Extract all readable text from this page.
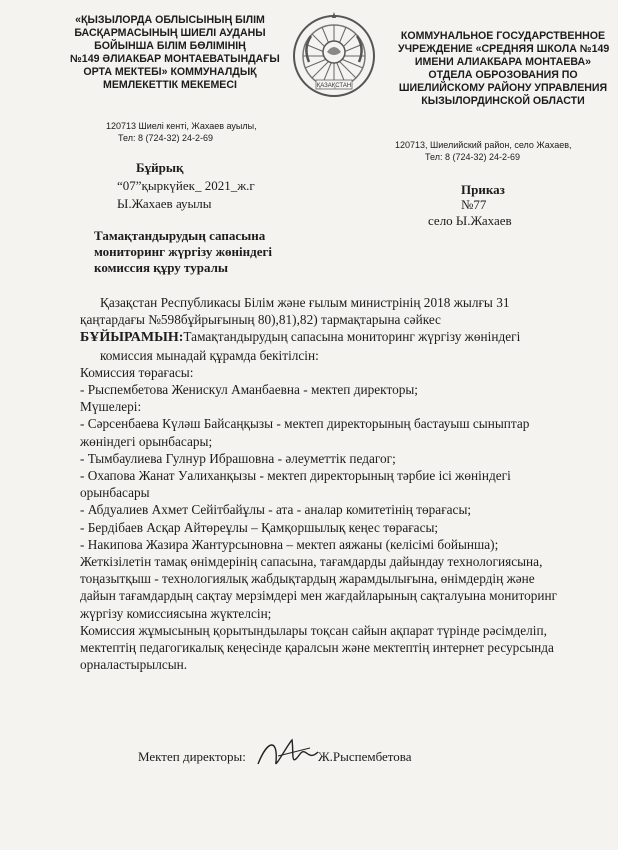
«ҚЫЗЫЛОРДА ОБЛЫСЫНЫҢ БІЛІМ
БАСҚАРМАСЫНЫҢ ШИЕЛІ АУДАНЫ
БОЙЫНША БІЛІМ БӨЛІМІНІҢ
№149 ӘЛИАКБАР МОНТАЕВАТЫНДАҒЫ
ОРТА МЕКТЕБІ» КОММУНАЛДЫҚ
МЕМЛЕКЕТТІК МЕКЕМЕСІ	ҚАЗАҚСТАН
КОММУНАЛЬНОЕ ГОСУДАРСТВЕННОЕ
УЧРЕЖДЕНИЕ «СРЕДНЯЯ ШКОЛА №149
ИМЕНИ АЛИАКБАРА МОНТАЕВА»
ОТДЕЛА ОБРОЗОВАНИЯ ПО
ШИЕЛИЙСКОМУ РАЙОНУ УПРАВЛЕНИЯ
КЫЗЫЛОРДИНСКОЙ ОБЛАСТИ
120713 Шиелі кенті, Жахаев ауылы,
Тел: 8 (724-32) 24-2-69
120713, Шиелийский район, село Жахаев,
Тел: 8 (724-32) 24-2-69
Бұйрық
“07”қыркүйек_ 2021_ж.г
Ы.Жахаев ауылы
Приказ
№77
село Ы.Жахаев
Тамақтандырудың сапасына
мониторинг жүргізу жөніндегі
комиссия құру туралы
Қазақстан Республикасы Білім және ғылым министрінің 2018 жылғы 31
қаңтардағы №598бұйрығының 80),81),82) тармақтарына сәйкес
БҰЙЫРАМЫН:Тамақтандырудың сапасына мониторинг жүргізу жөніндегі
комиссия мынадай құрамда бекітілсін:
Комиссия төрағасы:
- Рыспембетова Женискул Аманбаевна - мектеп директоры;
Мүшелері:
- Сәрсенбаева Күләш Байсаңқызы - мектеп директорының бастауыш сыныптар
жөніндегі орынбасары;
- Тымбаулиева Гулнур Ибрашовна - әлеуметтік педагог;
- Охапова Жанат Уалиханқызы - мектеп директорының тәрбие ісі жөніндегі
орынбасары
- Абдуалиев Ахмет Сейітбайұлы - ата - аналар комитетінің төрағасы;
- Бердібаев Асқар Айтөреұлы – Қамқоршылық кеңес төрағасы;
- Накипова Жазира Жантурсыновна – мектеп аяжаны (келісімі бойынша);
Жеткізілетін тамақ өнімдерінің сапасына, тағамдарды дайындау технологиясына,
тоңазытқыш - технологиялық жабдықтардың жарамдылығына, өнімдердің және
дайын тағамдардың сақтау мерзімдері мен жағдайларының сақталуына мониторинг
жүргізу комиссиясына жүктелсін;
Комиссия жұмысының қорытындылары тоқсан сайын ақпарат түрінде рәсімделіп,
мектептің педагогикалық кеңесінде қаралсын және мектептің интернет ресурсында
орналастырылсын.
Мектеп директоры:	Ж.Рыспембетова
